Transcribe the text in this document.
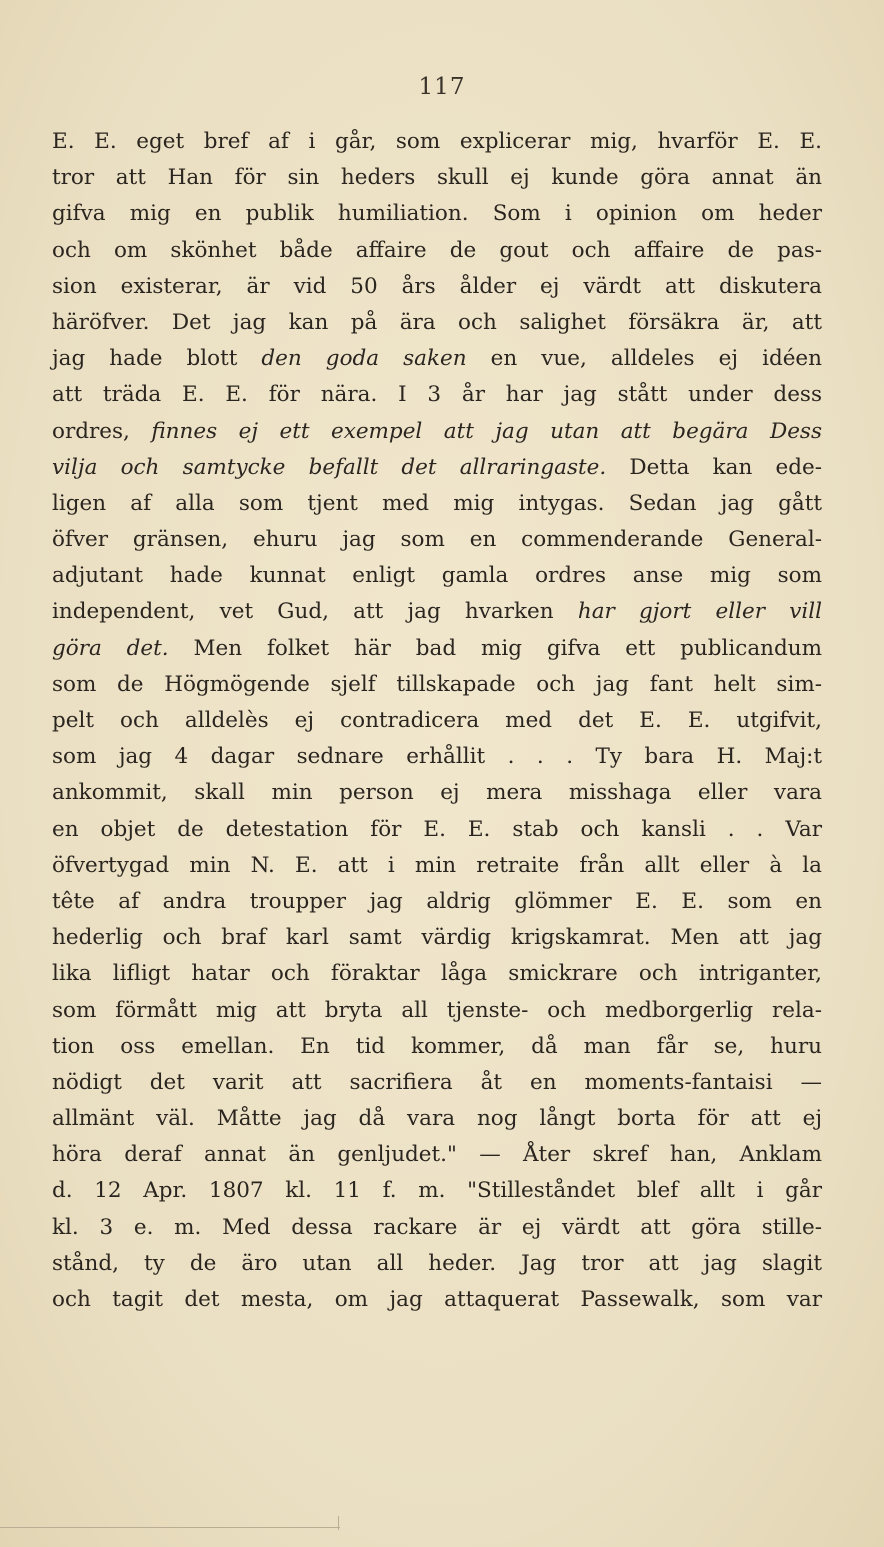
117
E. E. eget bref af i går, som explicerar mig, hvarför E. E.
tror att Han för sin heders skull ej kunde göra annat än
gifva mig en publik humiliation. Som i opinion om heder
och om skönhet både affaire de gout och affaire de pas-
sion existerar, är vid 50 års ålder ej värdt att diskutera
häröfver. Det jag kan på ära och salighet försäkra är, att
jag hade blott den goda saken en vue, alldeles ej idéen
att träda E. E. för nära. I 3 år har jag stått under dess
ordres, finnes ej ett exempel att jag utan att begära Dess
vilja och samtycke befallt det allraringaste. Detta kan ede-
ligen af alla som tjent med mig intygas. Sedan jag gått
öfver gränsen, ehuru jag som en commenderande General-
adjutant hade kunnat enligt gamla ordres anse mig som
independent, vet Gud, att jag hvarken har gjort eller vill
göra det. Men folket här bad mig gifva ett publicandum
som de Högmögende sjelf tillskapade och jag fant helt sim-
pelt och alldelès ej contradicera med det E. E. utgifvit,
som jag 4 dagar sednare erhållit . . . Ty bara H. Maj:t
ankommit, skall min person ej mera misshaga eller vara
en objet de detestation för E. E. stab och kansli . . Var
öfvertygad min N. E. att i min retraite från allt eller à la
tête af andra troupper jag aldrig glömmer E. E. som en
hederlig och braf karl samt värdig krigskamrat. Men att jag
lika lifligt hatar och föraktar låga smickrare och intriganter,
som förmått mig att bryta all tjenste- och medborgerlig rela-
tion oss emellan. En tid kommer, då man får se, huru
nödigt det varit att sacrifiera åt en moments-fantaisi —
allmänt väl. Måtte jag då vara nog långt borta för att ej
höra deraf annat än genljudet." — Åter skref han, Anklam
d. 12 Apr. 1807 kl. 11 f. m. "Stilleståndet blef allt i går
kl. 3 e. m. Med dessa rackare är ej värdt att göra stille-
stånd, ty de äro utan all heder. Jag tror att jag slagit
och tagit det mesta, om jag attaquerat Passewalk, som var
